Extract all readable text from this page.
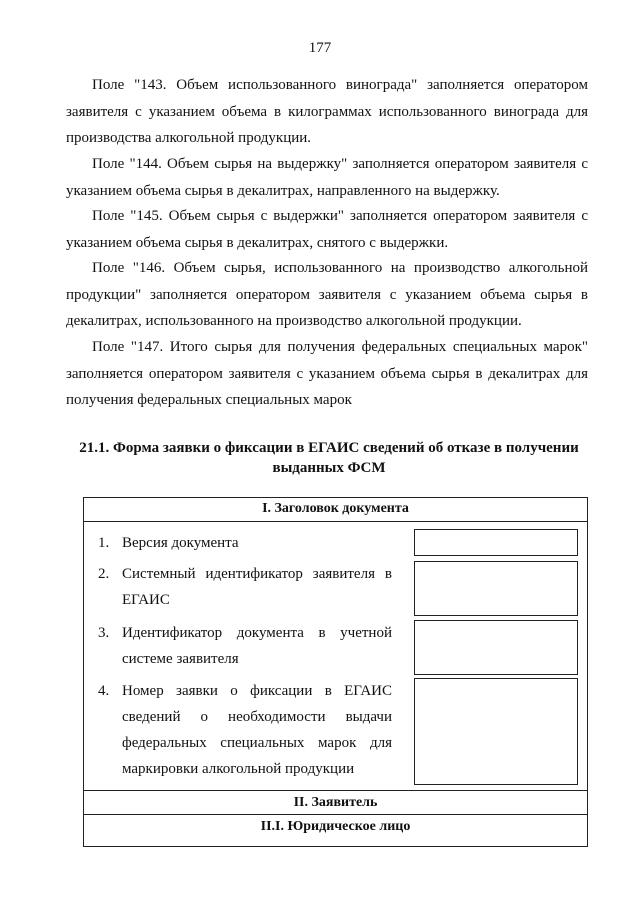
177

Поле "143. Объем использованного винограда" заполняется оператором заявителя с указанием объема в килограммах использованного винограда для производства алкогольной продукции.

Поле "144. Объем сырья на выдержку" заполняется оператором заявителя с указанием объема сырья в декалитрах, направленного на выдержку.

Поле "145. Объем сырья с выдержки" заполняется оператором заявителя с указанием объема сырья в декалитрах, снятого с выдержки.

Поле "146. Объем сырья, использованного на производство алкогольной продукции" заполняется оператором заявителя с указанием объема сырья в декалитрах, использованного на производство алкогольной продукции.

Поле "147. Итого сырья для получения федеральных специальных марок" заполняется оператором заявителя с указанием объема сырья в декалитрах для получения федеральных специальных марок

21.1. Форма заявки о фиксации в ЕГАИС сведений об отказе в получении выданных ФСМ
I. Заголовок документа
1. Версия документа
2. Системный идентификатор заявителя в ЕГАИС
3. Идентификатор документа в учетной системе заявителя
4. Номер заявки о фиксации в ЕГАИС сведений о необходимости выдачи федеральных специальных марок для маркировки алкогольной продукции
II. Заявитель
II.I. Юридическое лицо
